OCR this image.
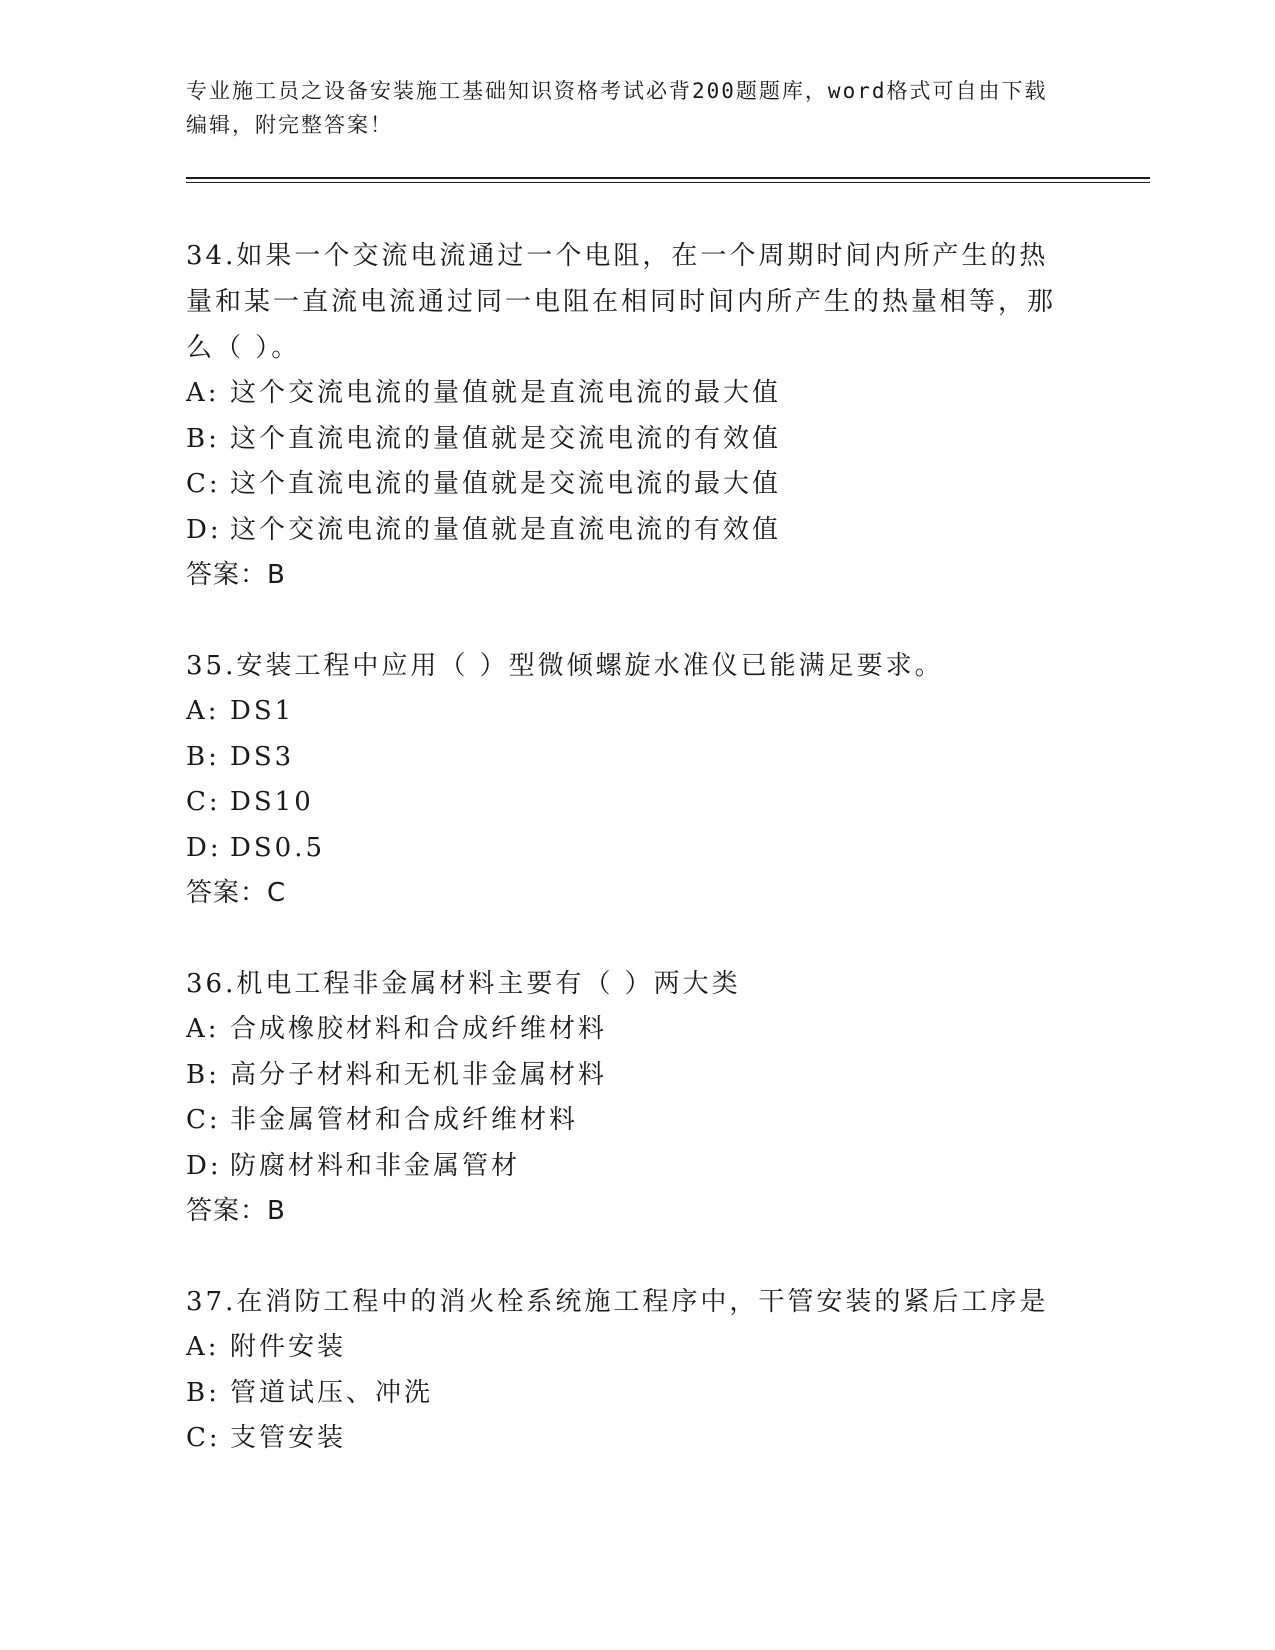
专业施工员之设备安装施工基础知识资格考试必背200题题库，word格式可自由下载编辑，附完整答案！
34.如果一个交流电流通过一个电阻，在一个周期时间内所产生的热量和某一直流电流通过同一电阻在相同时间内所产生的热量相等，那么（ ）。
A: 这个交流电流的量值就是直流电流的最大值
B: 这个直流电流的量值就是交流电流的有效值
C: 这个直流电流的量值就是交流电流的最大值
D: 这个交流电流的量值就是直流电流的有效值
答案：B
35.安装工程中应用（ ）型微倾螺旋水准仪已能满足要求。
A: DS1
B: DS3
C: DS10
D: DS0.5
答案：C
36.机电工程非金属材料主要有（ ）两大类
A: 合成橡胶材料和合成纤维材料
B: 高分子材料和无机非金属材料
C: 非金属管材和合成纤维材料
D: 防腐材料和非金属管材
答案：B
37.在消防工程中的消火栓系统施工程序中，干管安装的紧后工序是
A: 附件安装
B: 管道试压、冲洗
C: 支管安装
